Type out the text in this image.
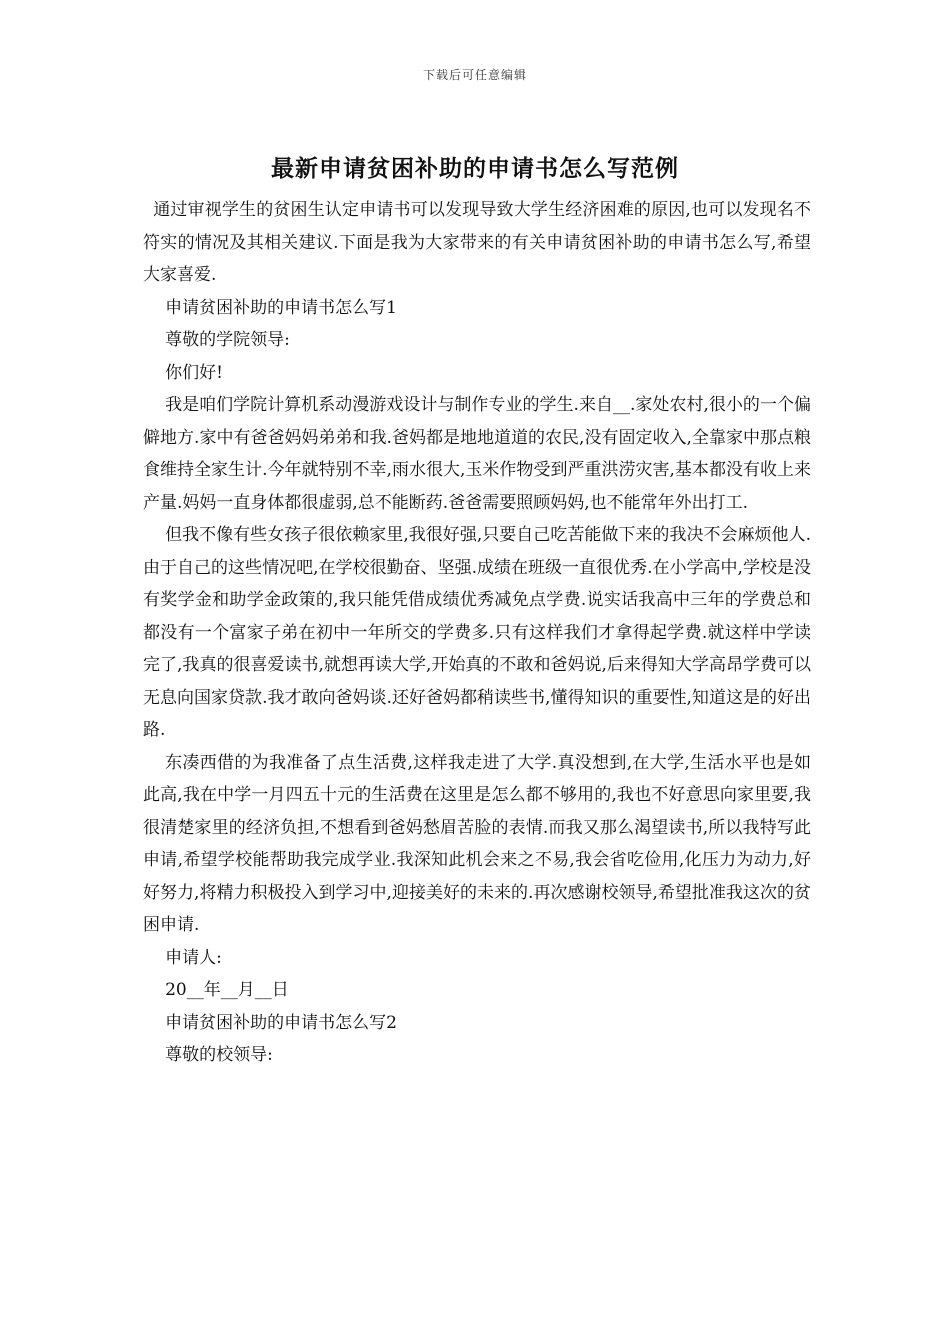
下载后可任意编辑
最新申请贫困补助的申请书怎么写范例

通过审视学生的贫困生认定申请书可以发现导致大学生经济困难的原因,也可以发现名不符实的情况及其相关建议.下面是我为大家带来的有关申请贫困补助的申请书怎么写,希望大家喜爱.

申请贫困补助的申请书怎么写1

尊敬的学院领导:

你们好!

我是咱们学院计算机系动漫游戏设计与制作专业的学生.来自__.家处农村,很小的一个偏僻地方.家中有爸爸妈妈弟弟和我.爸妈都是地地道道的农民,没有固定收入,全靠家中那点粮食维持全家生计.今年就特别不幸,雨水很大,玉米作物受到严重洪涝灾害,基本都没有收上来产量.妈妈一直身体都很虚弱,总不能断药.爸爸需要照顾妈妈,也不能常年外出打工.

但我不像有些女孩子很依赖家里,我很好强,只要自己吃苦能做下来的我决不会麻烦他人.由于自己的这些情况吧,在学校很勤奋、坚强.成绩在班级一直很优秀.在小学高中,学校是没有奖学金和助学金政策的,我只能凭借成绩优秀减免点学费.说实话我高中三年的学费总和都没有一个富家子弟在初中一年所交的学费多.只有这样我们才拿得起学费.就这样中学读完了,我真的很喜爱读书,就想再读大学,开始真的不敢和爸妈说,后来得知大学高昂学费可以无息向国家贷款.我才敢向爸妈谈.还好爸妈都稍读些书,懂得知识的重要性,知道这是的好出路.

东凑西借的为我准备了点生活费,这样我走进了大学.真没想到,在大学,生活水平也是如此高,我在中学一月四五十元的生活费在这里是怎么都不够用的,我也不好意思向家里要,我很清楚家里的经济负担,不想看到爸妈愁眉苦脸的表情.而我又那么渴望读书,所以我特写此申请,希望学校能帮助我完成学业.我深知此机会来之不易,我会省吃俭用,化压力为动力,好好努力,将精力积极投入到学习中,迎接美好的未来的.再次感谢校领导,希望批准我这次的贫困申请.

申请人:

20__年__月__日

申请贫困补助的申请书怎么写2

尊敬的校领导:
